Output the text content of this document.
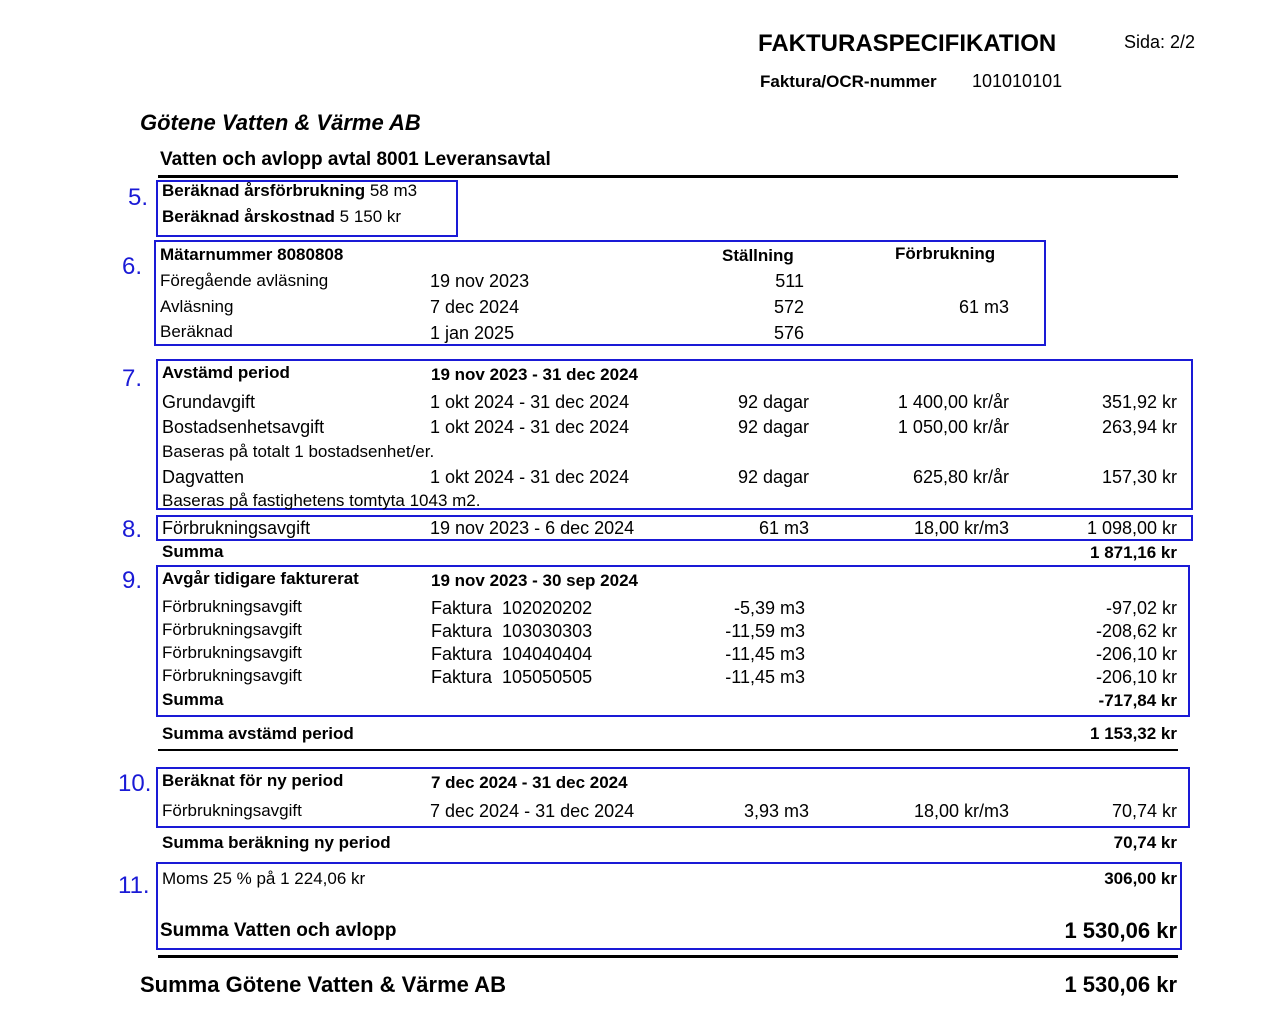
FAKTURASPECIFIKATION	Sida: 2/2
Faktura/OCR-nummer 101010101
Götene Vatten & Värme AB
Vatten och avlopp avtal 8001 Leveransavtal
5. Beräknad årsförbrukning 58 m3
Beräknad årskostnad 5 150 kr
6. Mätarnummer 8080808	Ställning	Förbrukning
Föregående avläsning	19 nov 2023	511
Avläsning	7 dec 2024	572	61 m3
Beräknad	1 jan 2025	576
7. Avstämd period	19 nov 2023 - 31 dec 2024
Grundavgift	1 okt 2024 - 31 dec 2024	92 dagar	1 400,00 kr/år	351,92 kr
Bostadsenhetsavgift	1 okt 2024 - 31 dec 2024	92 dagar	1 050,00 kr/år	263,94 kr
Baseras på totalt 1 bostadsenhet/er.
Dagvatten	1 okt 2024 - 31 dec 2024	92 dagar	625,80 kr/år	157,30 kr
Baseras på fastighetens tomtyta 1043 m2.
8. Förbrukningsavgift	19 nov 2023 - 6 dec 2024	61 m3	18,00 kr/m3	1 098,00 kr
Summa	1 871,16 kr
9. Avgår tidigare fakturerat	19 nov 2023 - 30 sep 2024
Förbrukningsavgift	Faktura 102020202	-5,39 m3	-97,02 kr
Förbrukningsavgift	Faktura 103030303	-11,59 m3	-208,62 kr
Förbrukningsavgift	Faktura 104040404	-11,45 m3	-206,10 kr
Förbrukningsavgift	Faktura 105050505	-11,45 m3	-206,10 kr
Summa	-717,84 kr
Summa avstämd period	1 153,32 kr
10. Beräknat för ny period	7 dec 2024 - 31 dec 2024
Förbrukningsavgift	7 dec 2024 - 31 dec 2024	3,93 m3	18,00 kr/m3	70,74 kr
Summa beräkning ny period	70,74 kr
11. Moms 25 % på 1 224,06 kr	306,00 kr
Summa Vatten och avlopp	1 530,06 kr
Summa Götene Vatten & Värme AB	1 530,06 kr
